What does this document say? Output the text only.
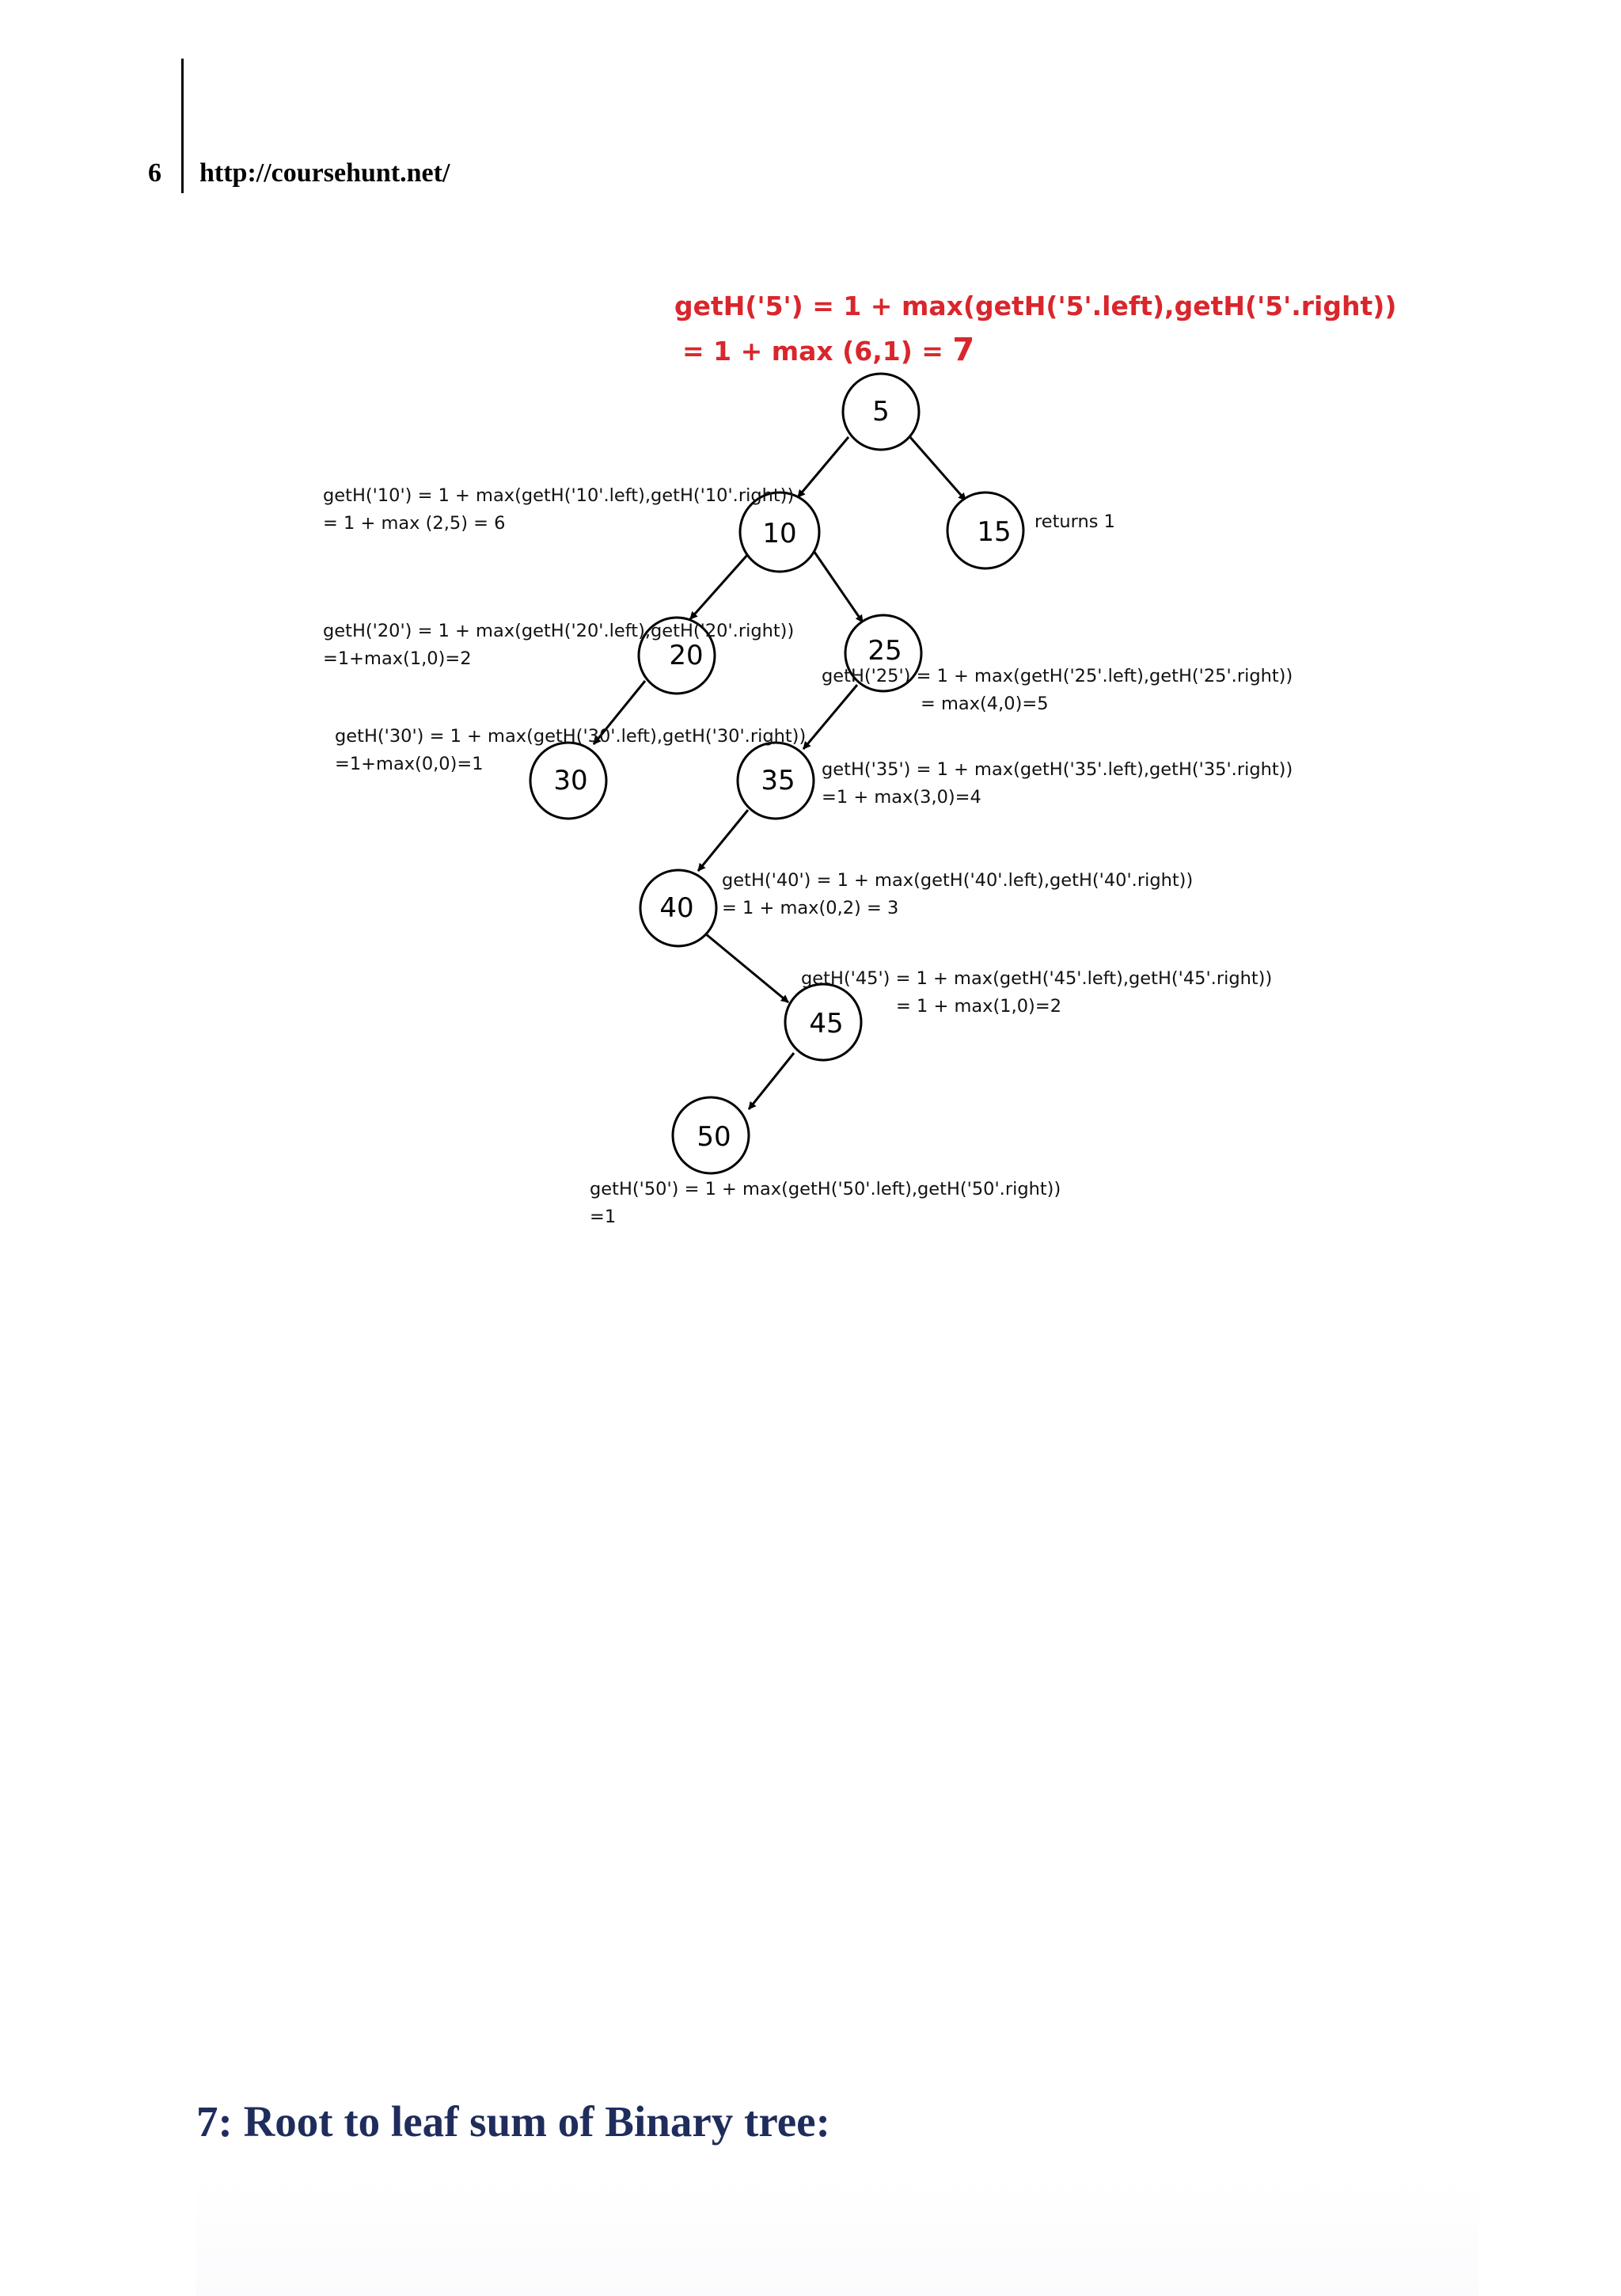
6 http://coursehunt.net/
getH('5') = 1 + max(getH('5'.left),getH('5'.right))
= 1 + max (6,1) = 7
5
10	15
20	25
30	35
40
45
50
getH('10') = 1 + max(getH('10'.left),getH('10'.right))
= 1 + max (2,5) = 6	returns 1
getH('20') = 1 + max(getH('20'.left),getH('20'.right))
=1+max(1,0)=2
getH('25') = 1 + max(getH('25'.left),getH('25'.right))
= max(4,0)=5
getH('30') = 1 + max(getH('30'.left),getH('30'.right))
=1+max(0,0)=1	getH('35') = 1 + max(getH('35'.left),getH('35'.right))
=1 + max(3,0)=4
getH('40') = 1 + max(getH('40'.left),getH('40'.right))
= 1 + max(0,2) = 3
getH('45') = 1 + max(getH('45'.left),getH('45'.right))
= 1 + max(1,0)=2
getH('50') = 1 + max(getH('50'.left),getH('50'.right))
=1
7: Root to leaf sum of Binary tree:
